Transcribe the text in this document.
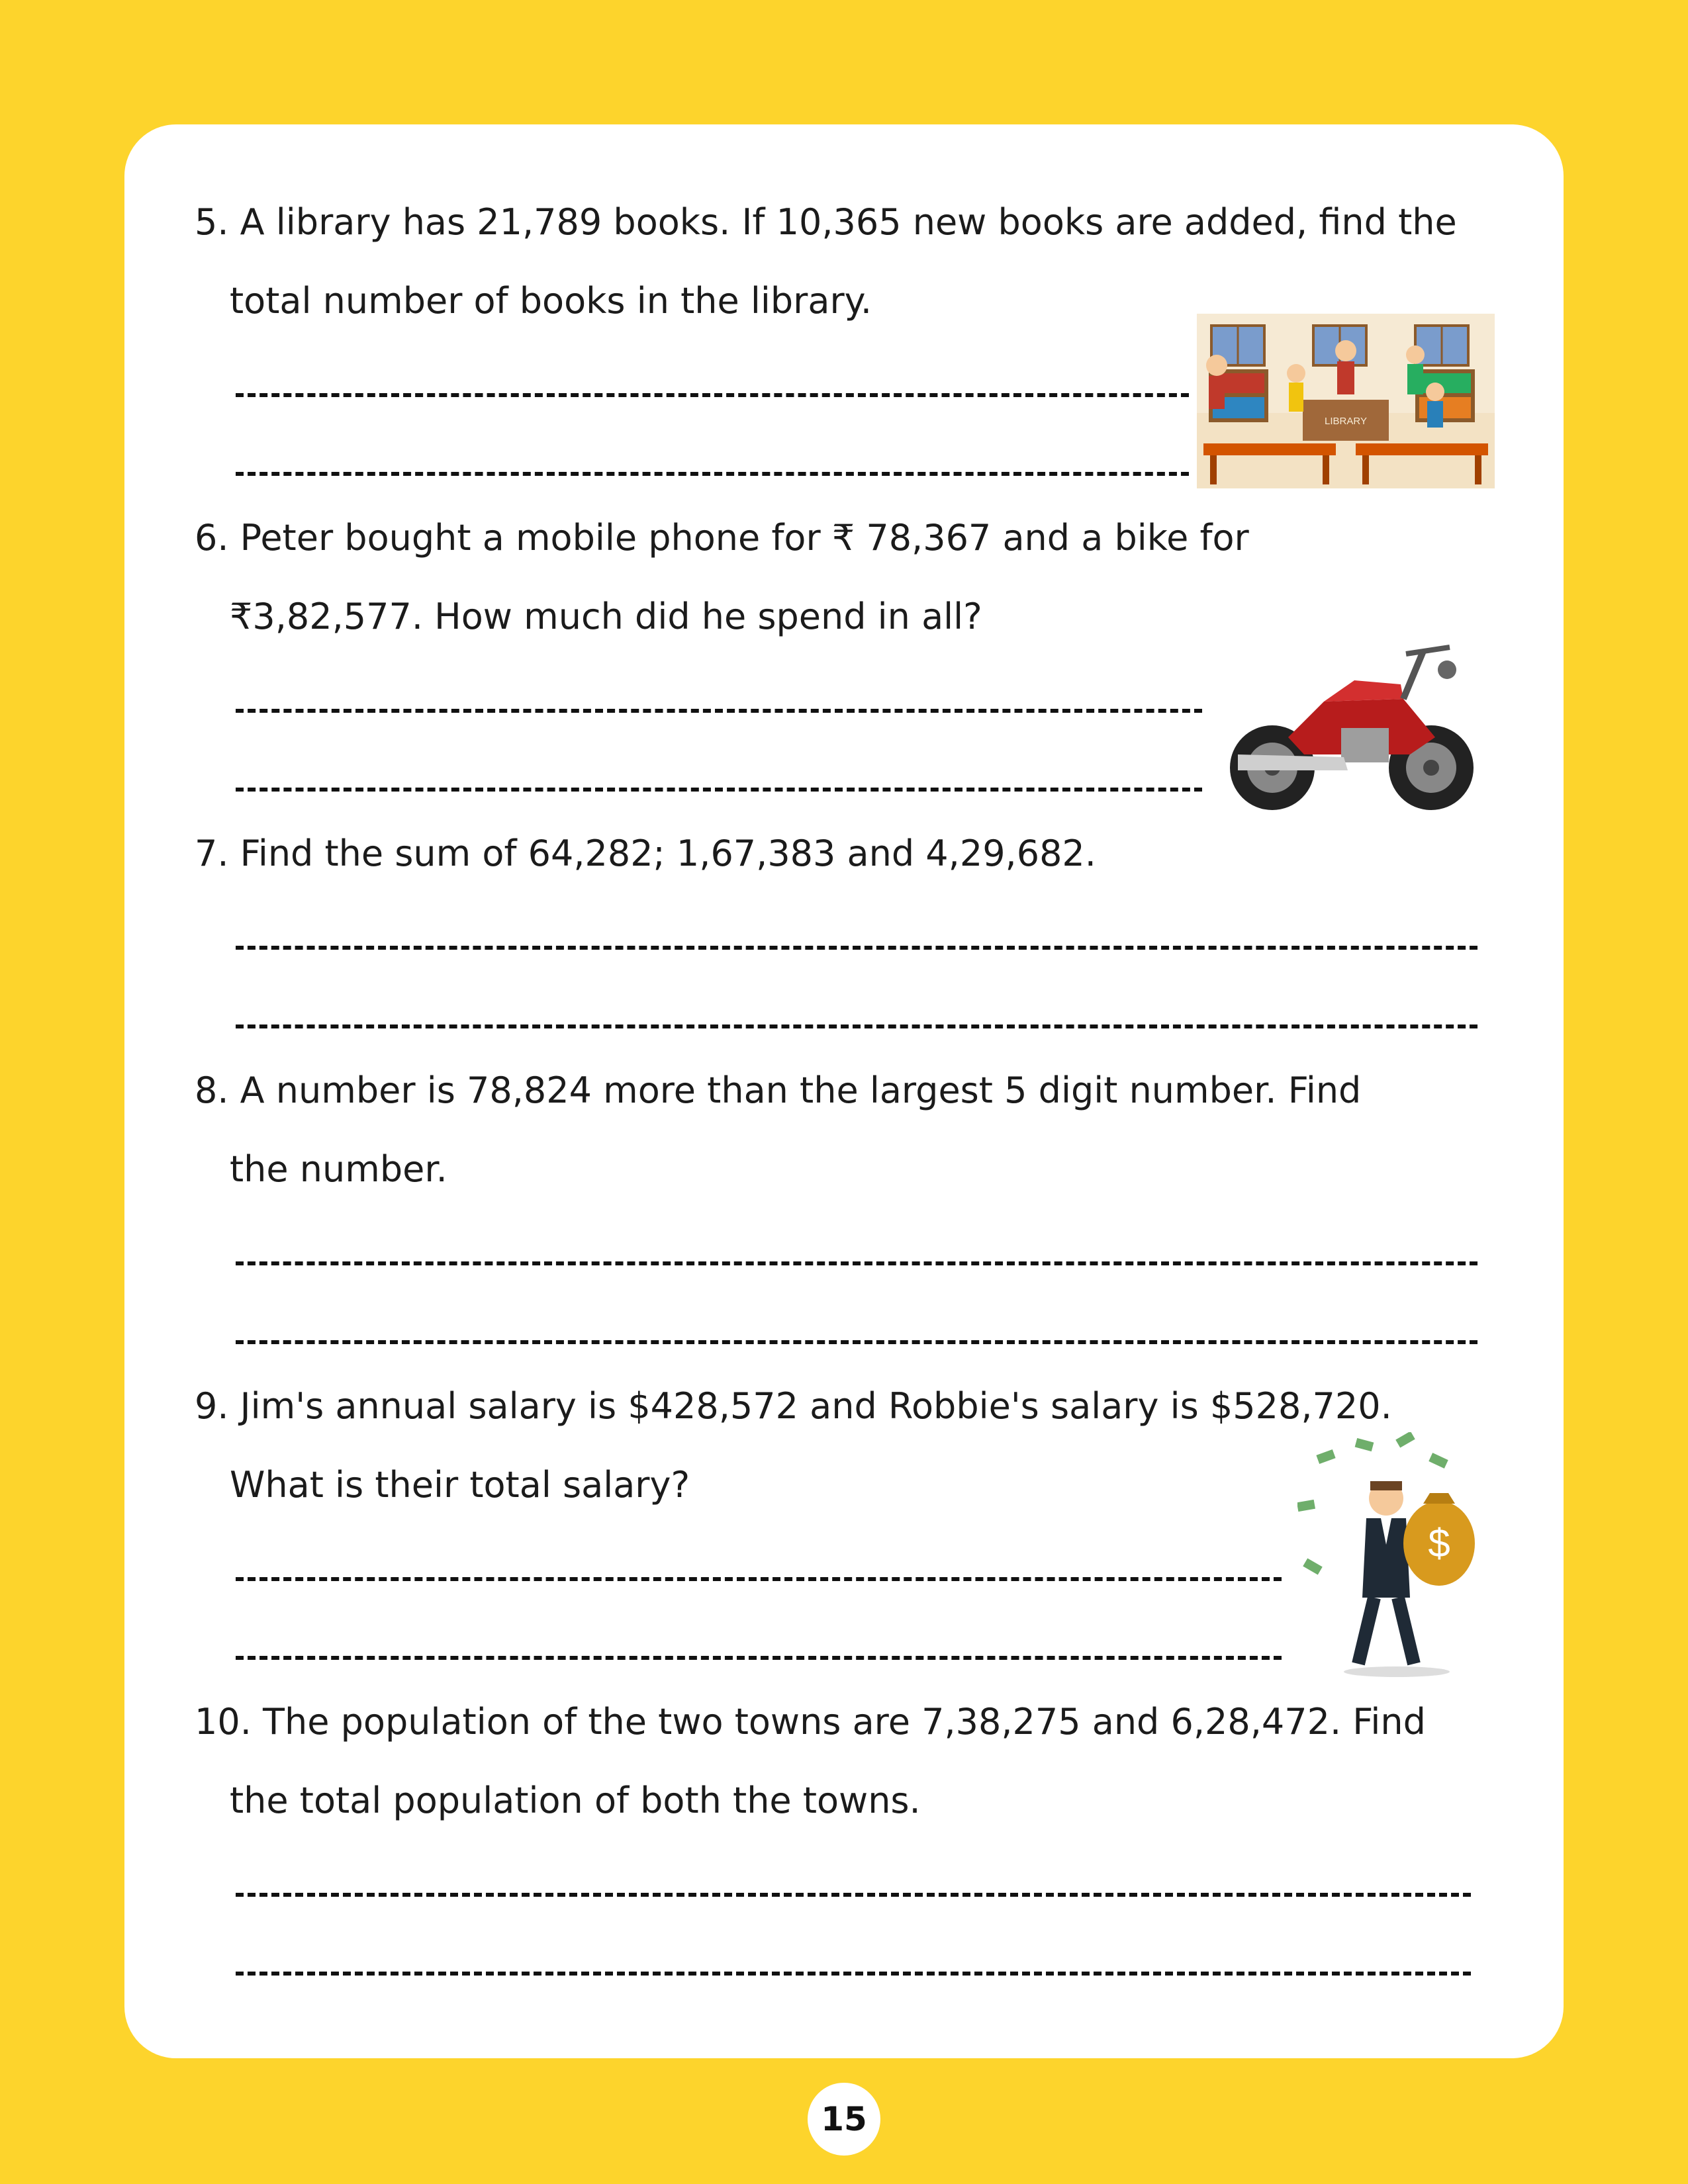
5. A library has 21,789 books. If 10,365 new books are added, find the
total number of books in the library.

LIBRARY

6. Peter bought a mobile phone for ₹ 78,367 and a bike for
₹3,82,577. How much did he spend in all?

7. Find the sum of 64,282; 1,67,383 and 4,29,682.

8. A number is 78,824 more than the largest 5 digit number. Find
the number.

9. Jim's annual salary is $428,572 and Robbie's salary is $528,720.
What is their total salary?

$

10. The population of the two towns are 7,38,275 and 6,28,472. Find
the total population of both the towns.

15
